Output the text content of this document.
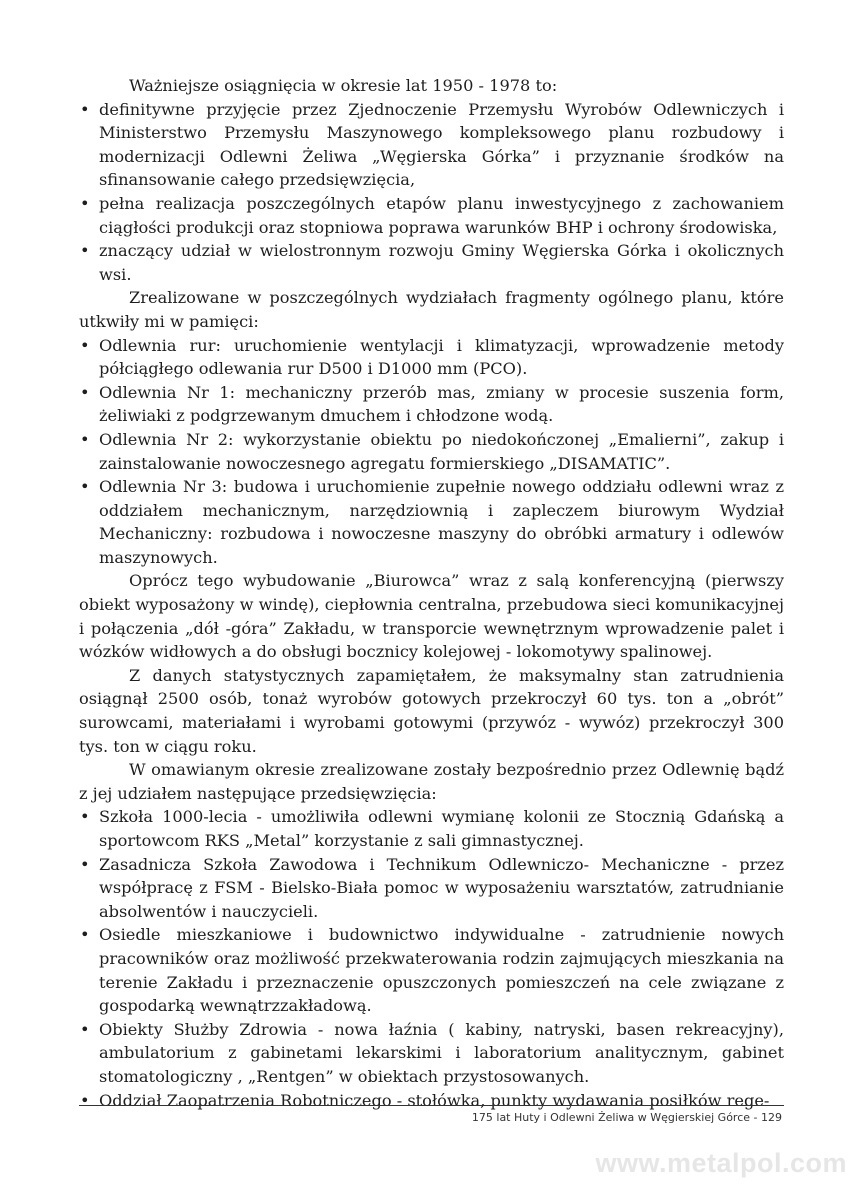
Ważniejsze osiągnięcia w okresie lat 1950 - 1978 to:

• definitywne przyjęcie przez Zjednoczenie Przemysłu Wyrobów Odlewniczych i Ministerstwo Przemysłu Maszynowego kompleksowego planu rozbudowy i modernizacji Odlewni Żeliwa „Węgierska Górka” i przyznanie środków na sfinansowanie całego przedsięwzięcia,
• pełna realizacja poszczególnych etapów planu inwestycyjnego z zachowaniem ciągłości produkcji oraz stopniowa poprawa warunków BHP i ochrony środowiska,
• znaczący udział w wielostronnym rozwoju Gminy Węgierska Górka i okolicznych wsi.

Zrealizowane w poszczególnych wydziałach fragmenty ogólnego planu, które utkwiły mi w pamięci:

• Odlewnia rur: uruchomienie wentylacji i klimatyzacji, wprowadzenie metody półciągłego odlewania rur D500 i D1000 mm (PCO).
• Odlewnia Nr 1: mechaniczny przerób mas, zmiany w procesie suszenia form, żeliwiaki z podgrzewanym dmuchem i chłodzone wodą.
• Odlewnia Nr 2: wykorzystanie obiektu po niedokończonej „Emalierni”, zakup i zainstalowanie nowoczesnego agregatu formierskiego „DISAMATIC”.
• Odlewnia Nr 3: budowa i uruchomienie zupełnie nowego oddziału odlewni wraz z oddziałem mechanicznym, narzędziownią i zapleczem biurowym Wydział Mechaniczny: rozbudowa i nowoczesne maszyny do obróbki armatury i odlewów maszynowych.

Oprócz tego wybudowanie „Biurowca” wraz z salą konferencyjną (pierwszy obiekt wyposażony w windę), ciepłownia centralna, przebudowa sieci komunikacyjnej i połączenia „dół -góra” Zakładu, w transporcie wewnętrznym wprowadzenie palet i wózków widłowych a do obsługi bocznicy kolejowej - lokomotywy spalinowej.

Z danych statystycznych zapamiętałem, że maksymalny stan zatrudnienia osiągnął 2500 osób, tonaż wyrobów gotowych przekroczył 60 tys. ton a „obrót” surowcami, materiałami i wyrobami gotowymi (przywóz - wywóz) przekroczył 300 tys. ton w ciągu roku.

W omawianym okresie zrealizowane zostały bezpośrednio przez Odlewnię bądź z jej udziałem następujące przedsięwzięcia:

• Szkoła 1000-lecia - umożliwiła odlewni wymianę kolonii ze Stocznią Gdańską a sportowcom RKS „Metal” korzystanie z sali gimnastycznej.
• Zasadnicza Szkoła Zawodowa i Technikum Odlewniczo- Mechaniczne - przez współpracę z FSM - Bielsko-Biała pomoc w wyposażeniu warsztatów, zatrudnianie absolwentów i nauczycieli.
• Osiedle mieszkaniowe i budownictwo indywidualne - zatrudnienie nowych pracowników oraz możliwość przekwaterowania rodzin zajmujących mieszkania na terenie Zakładu i przeznaczenie opuszczonych pomieszczeń na cele związane z gospodarką wewnątrzzakładową.
• Obiekty Służby Zdrowia - nowa łaźnia ( kabiny, natryski, basen rekreacyjny), ambulatorium z gabinetami lekarskimi i laboratorium analitycznym, gabinet stomatologiczny , „Rentgen” w obiektach przystosowanych.
• Oddział Zaopatrzenia Robotniczego - stołówka, punkty wydawania posiłków rege-
175 lat Huty i Odlewni Żeliwa w Węgierskiej Górce - 129
www.metalpol.com
